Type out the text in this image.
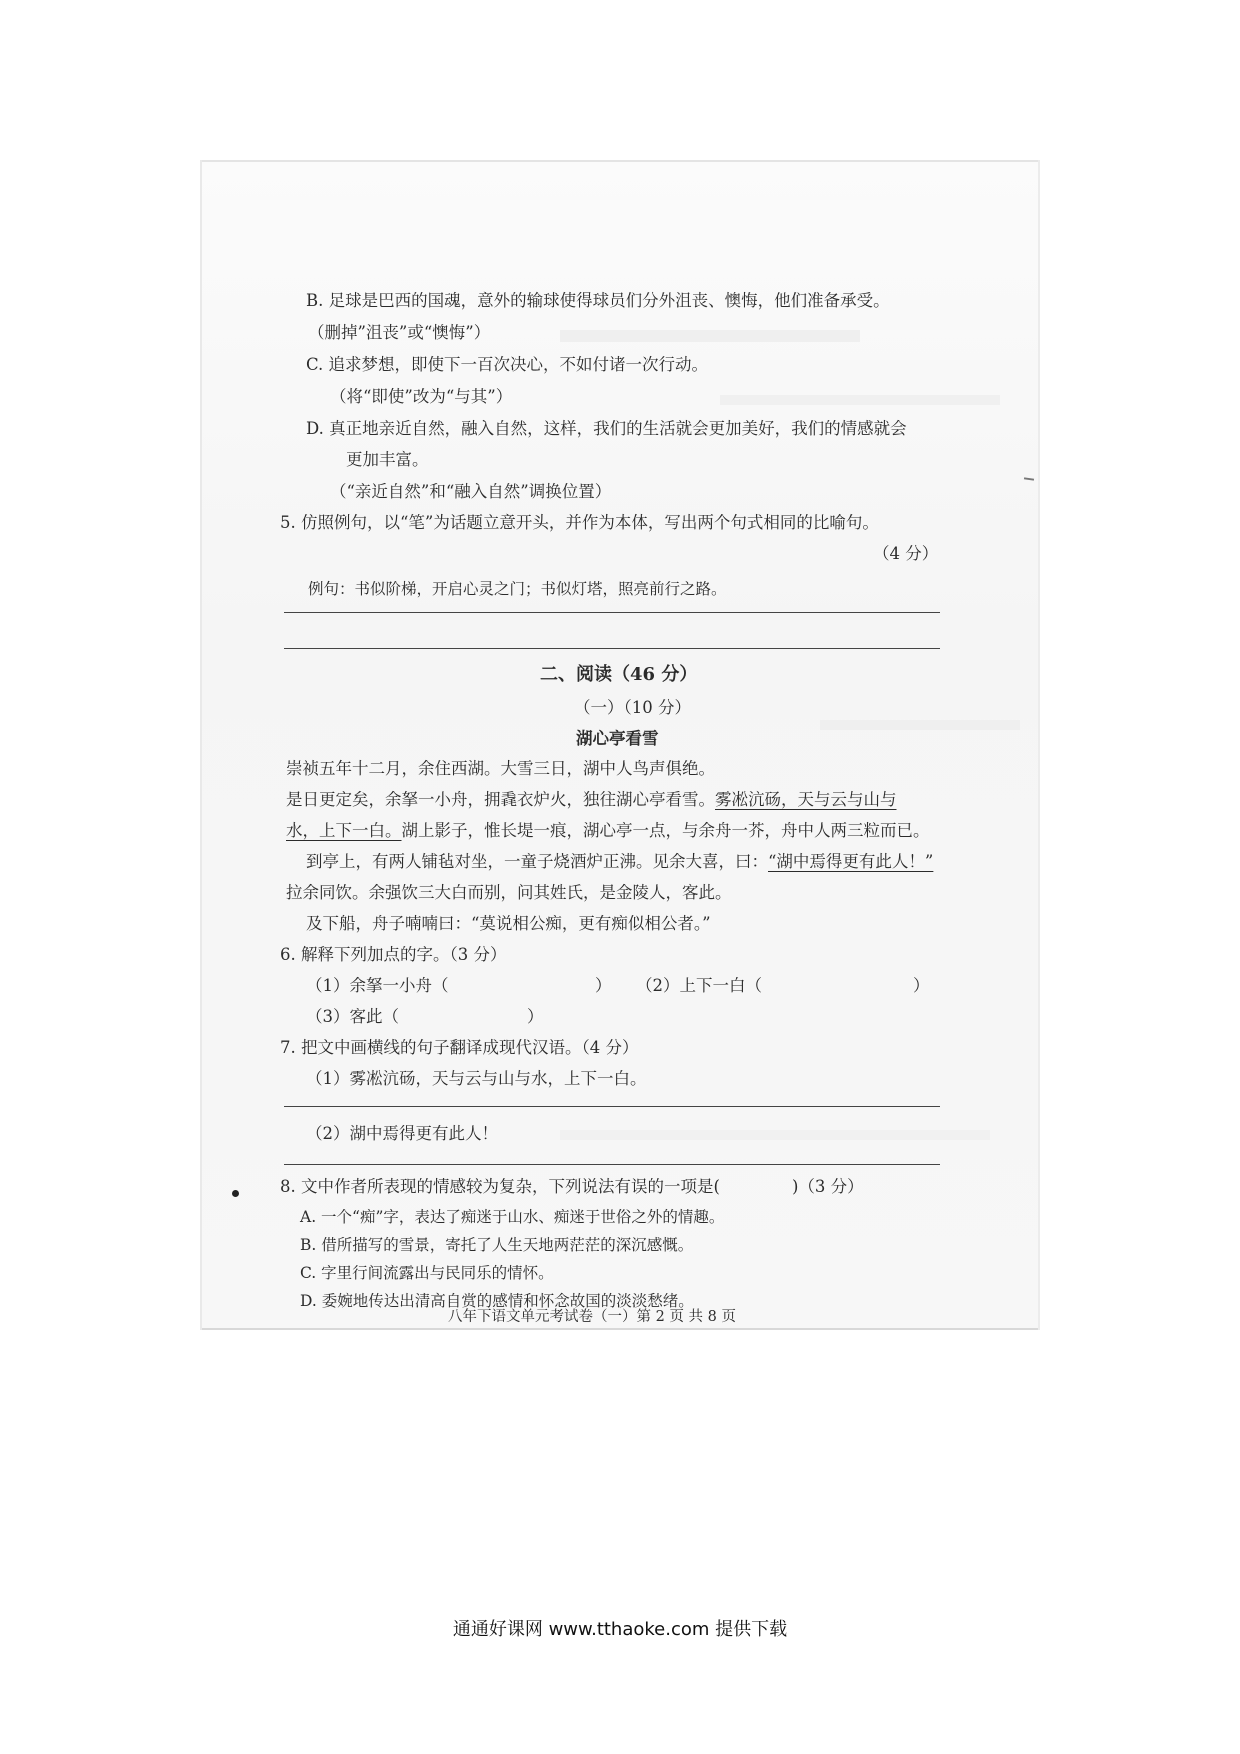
B. 足球是巴西的国魂，意外的输球使得球员们分外沮丧、懊悔，他们准备承受。
（删掉”沮丧”或“懊悔”）
C. 追求梦想，即使下一百次决心，不如付诸一次行动。
（将“即使”改为“与其”）
D. 真正地亲近自然，融入自然，这样，我们的生活就会更加美好，我们的情感就会
更加丰富。
（“亲近自然”和“融入自然”调换位置）
5. 仿照例句，以“笔”为话题立意开头，并作为本体，写出两个句式相同的比喻句。
（4 分）
例句：书似阶梯，开启心灵之门；书似灯塔，照亮前行之路。
二、阅读（46 分）
（一）（10 分）
湖心亭看雪
崇祯五年十二月，余住西湖。大雪三日，湖中人鸟声俱绝。
是日更定矣，余拏一小舟，拥毳衣炉火，独往湖心亭看雪。雾凇沆砀，天与云与山与
水，上下一白。湖上影子，惟长堤一痕，湖心亭一点，与余舟一芥，舟中人两三粒而已。
到亭上，有两人铺毡对坐，一童子烧酒炉正沸。见余大喜，曰：“湖中焉得更有此人！”
拉余同饮。余强饮三大白而别，问其姓氏，是金陵人，客此。
及下船，舟子喃喃曰：“莫说相公痴，更有痴似相公者。”
6. 解释下列加点的字。（3 分）
（1）余拏一小舟（	） （2）上下一白（	）
（3）客此（	）
7. 把文中画横线的句子翻译成现代汉语。（4 分）
（1）雾凇沆砀，天与云与山与水，上下一白。
（2）湖中焉得更有此人！
8. 文中作者所表现的情感较为复杂，下列说法有误的一项是(	)（3 分）
A. 一个“痴”字，表达了痴迷于山水、痴迷于世俗之外的情趣。
B. 借所描写的雪景，寄托了人生天地两茫茫的深沉感慨。
C. 字里行间流露出与民同乐的情怀。
D. 委婉地传达出清高自赏的感情和怀念故国的淡淡愁绪。
八年下语文单元考试卷（一）第 2 页 共 8 页
通通好课网 www.tthaoke.com 提供下载
